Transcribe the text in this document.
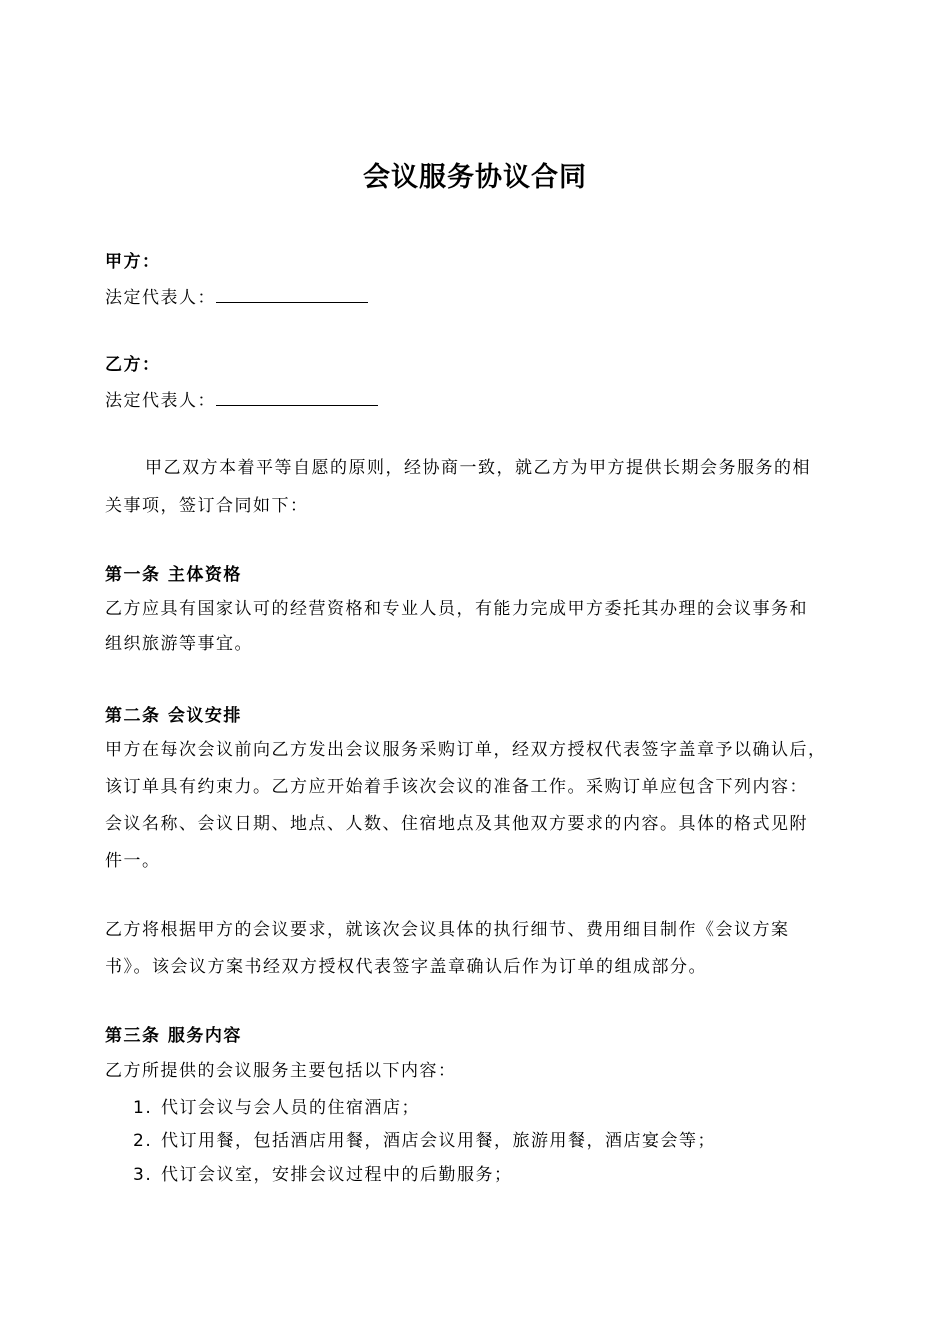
会议服务协议合同
甲方：
法定代表人：
乙方：
法定代表人：
甲乙双方本着平等自愿的原则，经协商一致，就乙方为甲方提供长期会务服务的相
关事项，签订合同如下：
第一条 主体资格
乙方应具有国家认可的经营资格和专业人员，有能力完成甲方委托其办理的会议事务和
组织旅游等事宜。
第二条 会议安排
甲方在每次会议前向乙方发出会议服务采购订单，经双方授权代表签字盖章予以确认后，
该订单具有约束力。乙方应开始着手该次会议的准备工作。采购订单应包含下列内容：
会议名称、会议日期、地点、人数、住宿地点及其他双方要求的内容。具体的格式见附
件一。
乙方将根据甲方的会议要求，就该次会议具体的执行细节、费用细目制作《会议方案
书》。该会议方案书经双方授权代表签字盖章确认后作为订单的组成部分。
第三条 服务内容
乙方所提供的会议服务主要包括以下内容：
1. 代订会议与会人员的住宿酒店；
2. 代订用餐，包括酒店用餐，酒店会议用餐，旅游用餐，酒店宴会等；
3. 代订会议室，安排会议过程中的后勤服务；
